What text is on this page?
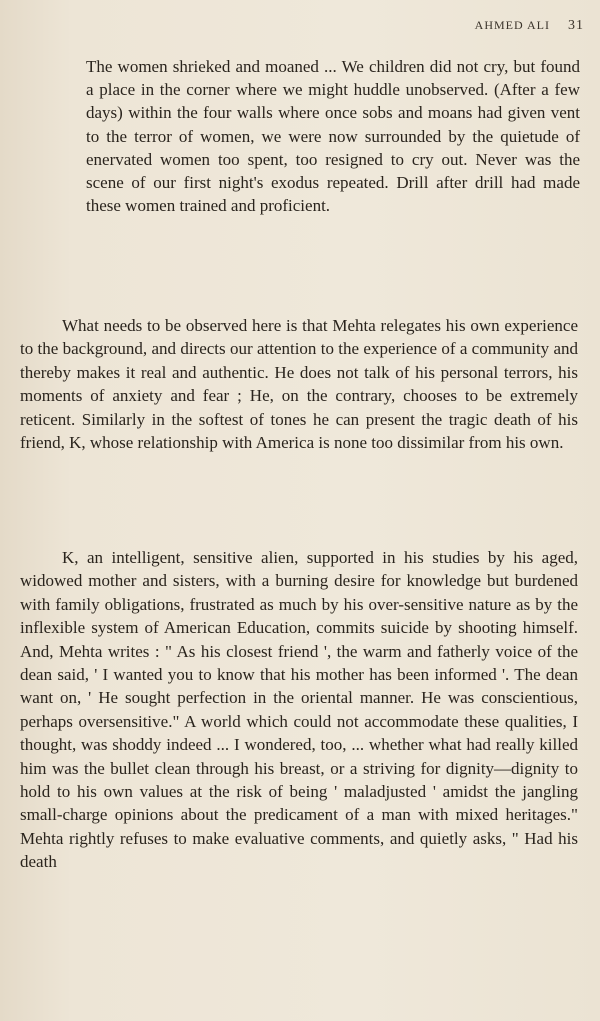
AHMED ALI 31
The women shrieked and moaned ... We children did not cry, but found a place in the corner where we might huddle unobserved. (After a few days) within the four walls where once sobs and moans had given vent to the terror of women, we were now surrounded by the quietude of enervated women too spent, too resigned to cry out. Never was the scene of our first night's exodus repeated. Drill after drill had made these women trained and proficient.
What needs to be observed here is that Mehta relegates his own experience to the background, and directs our attention to the experience of a community and thereby makes it real and authentic. He does not talk of his personal terrors, his moments of anxiety and fear ; He, on the contrary, chooses to be extremely reticent. Similarly in the softest of tones he can present the tragic death of his friend, K, whose relationship with America is none too dissimilar from his own.
K, an intelligent, sensitive alien, supported in his studies by his aged, widowed mother and sisters, with a burning desire for knowledge but burdened with family obligations, frustrated as much by his over-sensitive nature as by the inflexible system of American Education, commits suicide by shooting himself. And, Mehta writes : " As his closest friend ', the warm and fatherly voice of the dean said, ' I wanted you to know that his mother has been informed '. The dean want on, ' He sought perfection in the oriental manner. He was conscientious, perhaps oversensitive." A world which could not accommodate these qualities, I thought, was shoddy indeed ... I wondered, too, ... whether what had really killed him was the bullet clean through his breast, or a striving for dignity—dignity to hold to his own values at the risk of being ' maladjusted ' amidst the jangling small-charge opinions about the predicament of a man with mixed heritages." Mehta rightly refuses to make evaluative comments, and quietly asks, " Had his death
